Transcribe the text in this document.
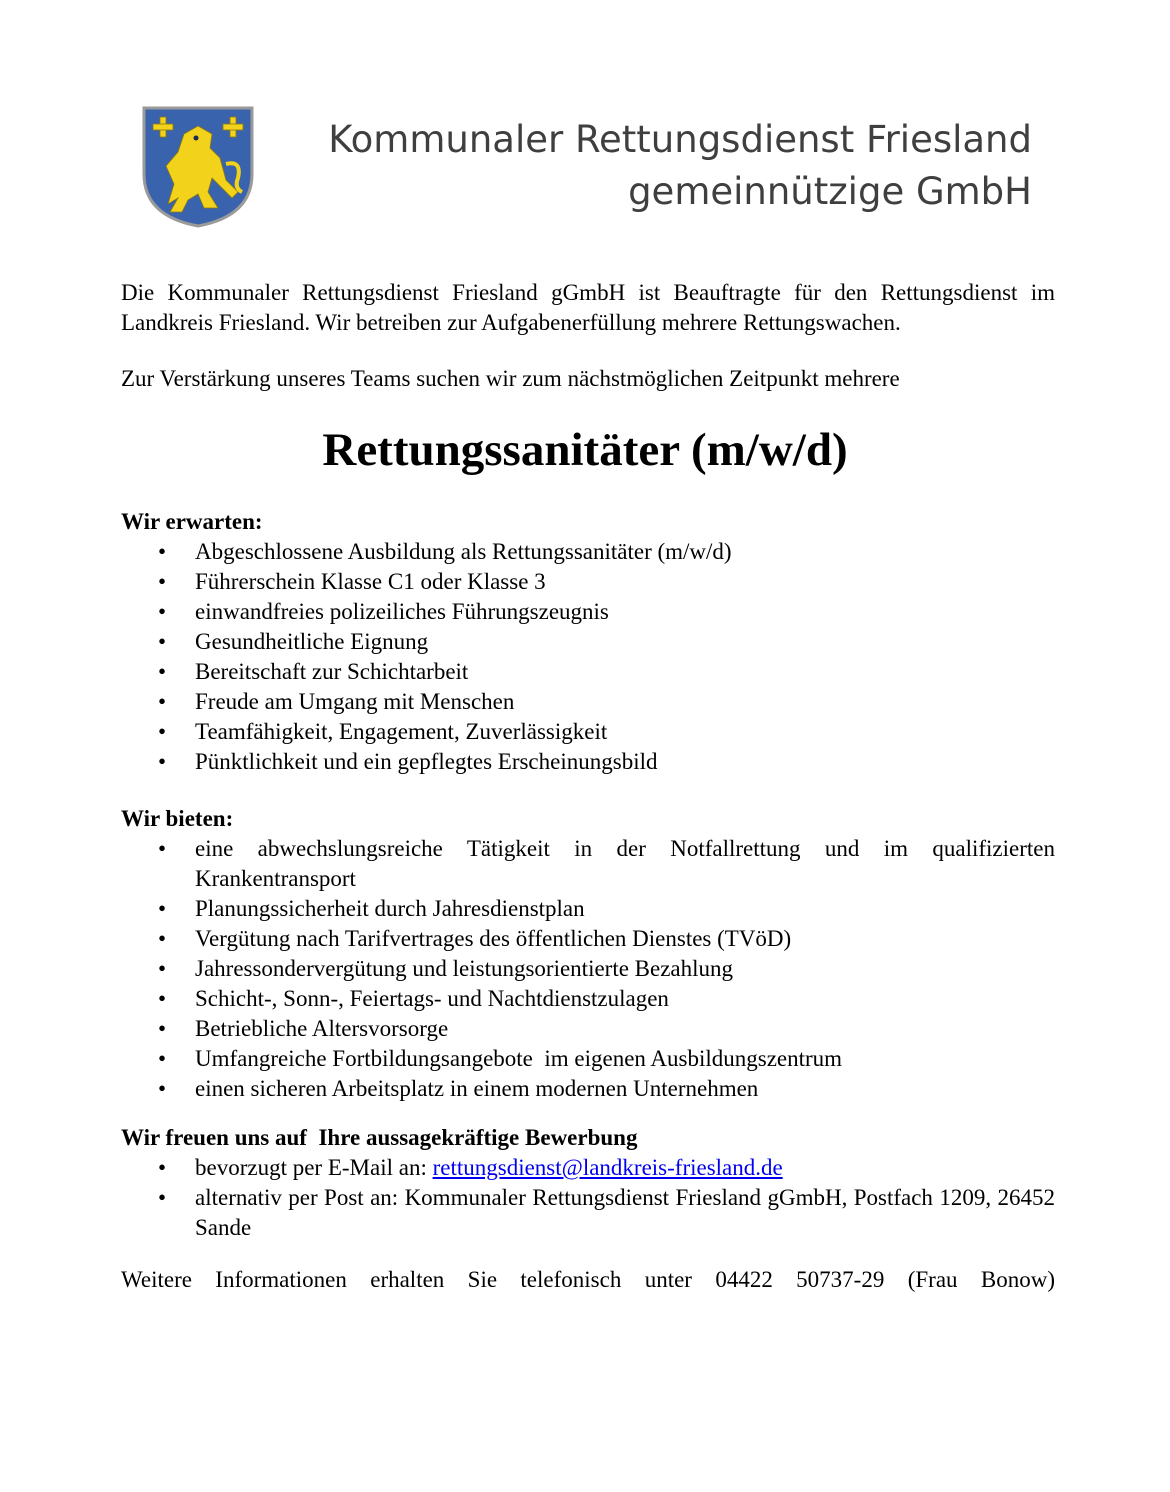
Kommunaler Rettungsdienst Friesland
gemeinnützige GmbH
Die Kommunaler Rettungsdienst Friesland gGmbH ist Beauftragte für den Rettungsdienst im Landkreis Friesland. Wir betreiben zur Aufgabenerfüllung mehrere Rettungswachen.
Zur Verstärkung unseres Teams suchen wir zum nächstmöglichen Zeitpunkt mehrere
Rettungssanitäter (m/w/d)
Wir erwarten:
• Abgeschlossene Ausbildung als Rettungssanitäter (m/w/d)
• Führerschein Klasse C1 oder Klasse 3
• einwandfreies polizeiliches Führungszeugnis
• Gesundheitliche Eignung
• Bereitschaft zur Schichtarbeit
• Freude am Umgang mit Menschen
• Teamfähigkeit, Engagement, Zuverlässigkeit
• Pünktlichkeit und ein gepflegtes Erscheinungsbild
Wir bieten:
• eine abwechslungsreiche Tätigkeit in der Notfallrettung und im qualifizierten Krankentransport
• Planungssicherheit durch Jahresdienstplan
• Vergütung nach Tarifvertrages des öffentlichen Dienstes (TVöD)
• Jahressondervergütung und leistungsorientierte Bezahlung
• Schicht-, Sonn-, Feiertags- und Nachtdienstzulagen
• Betriebliche Altersvorsorge
• Umfangreiche Fortbildungsangebote  im eigenen Ausbildungszentrum
• einen sicheren Arbeitsplatz in einem modernen Unternehmen
Wir freuen uns auf  Ihre aussagekräftige Bewerbung
• bevorzugt per E-Mail an: rettungsdienst@landkreis-friesland.de
• alternativ per Post an: Kommunaler Rettungsdienst Friesland gGmbH, Postfach 1209, 26452 Sande
Weitere Informationen erhalten Sie telefonisch unter 04422 50737-29 (Frau Bonow)
